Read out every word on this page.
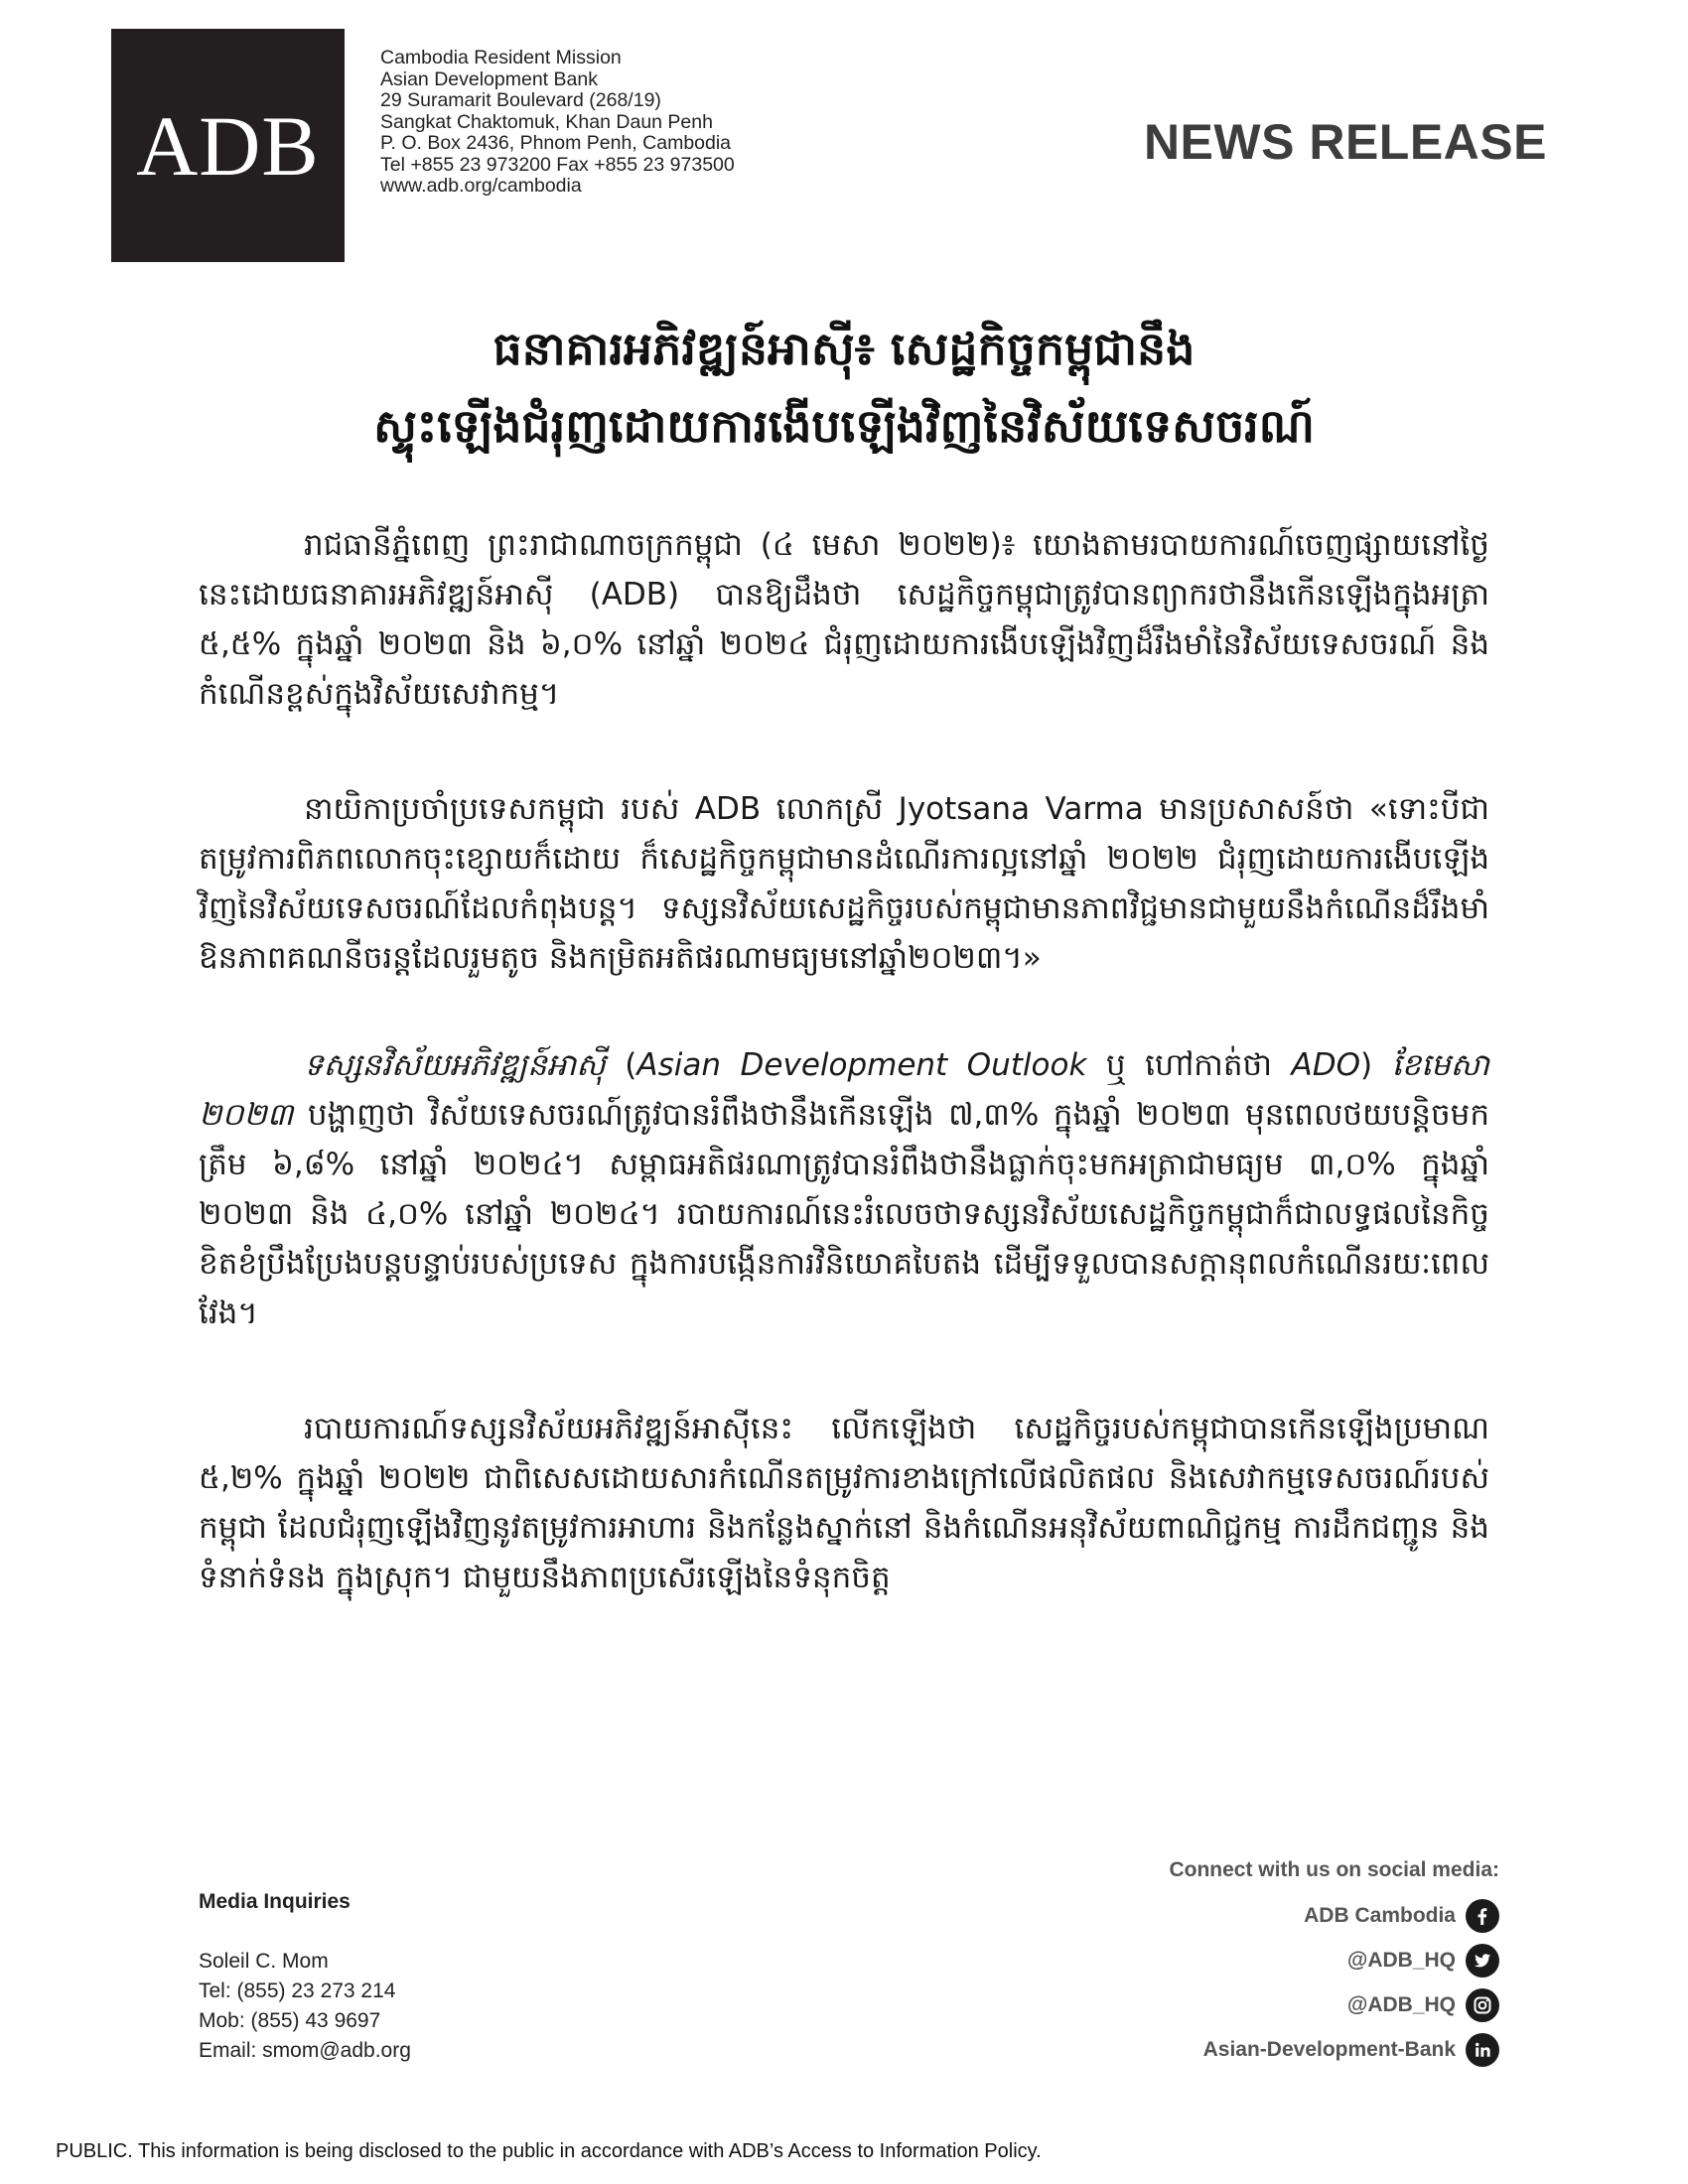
ADB
Cambodia Resident Mission
Asian Development Bank
29 Suramarit Boulevard (268/19)
Sangkat Chaktomuk, Khan Daun Penh
P. O. Box 2436, Phnom Penh, Cambodia
Tel +855 23 973200 Fax +855 23 973500
www.adb.org/cambodia
NEWS RELEASE
ធនាគារអភិវឌ្ឍន៍អាស៊ី៖ សេដ្ឋកិច្ចកម្ពុជានឹង
ស្ទុះឡើងជំរុញដោយការងើបឡើងវិញនៃវិស័យទេសចរណ៍

រាជធានីភ្នំពេញ ព្រះរាជាណាចក្រកម្ពុជា (៤ មេសា ២០២២)៖ យោងតាមរបាយការណ៍ចេញផ្សាយនៅថ្ងៃនេះដោយធនាគារអភិវឌ្ឍន៍អាស៊ី (ADB) បានឱ្យដឹងថា សេដ្ឋកិច្ចកម្ពុជាត្រូវបានព្យាករថានឹងកើនឡើងក្នុងអត្រា ៥,៥% ក្នុងឆ្នាំ ២០២៣ និង ៦,០% នៅឆ្នាំ ២០២៤ ជំរុញដោយការងើបឡើងវិញដ៏រឹងមាំនៃវិស័យទេសចរណ៍ និងកំណើនខ្ពស់ក្នុងវិស័យសេវាកម្ម។

នាយិកាប្រចាំប្រទេសកម្ពុជា របស់ ADB លោកស្រី Jyotsana Varma មានប្រសាសន៍ថា «ទោះបីជាតម្រូវការពិភពលោកចុះខ្សោយក៏ដោយ ក៏សេដ្ឋកិច្ចកម្ពុជាមានដំណើរការល្អនៅឆ្នាំ ២០២២ ជំរុញដោយការងើបឡើងវិញនៃវិស័យទេសចរណ៍ដែលកំពុងបន្ត។ ទស្សនវិស័យសេដ្ឋកិច្ចរបស់កម្ពុជាមានភាពវិជ្ជមានជាមួយនឹងកំណើនដ៏រឹងមាំ ឱនភាពគណនីចរន្តដែលរួមតូច និងកម្រិតអតិផរណាមធ្យមនៅឆ្នាំ២០២៣។»

ទស្សនវិស័យអភិវឌ្ឍន៍អាស៊ី (Asian Development Outlook ឬ ហៅកាត់ថា ADO) ខែមេសា ២០២៣ បង្ហាញថា វិស័យទេសចរណ៍ត្រូវបានរំពឹងថានឹងកើនឡើង ៧,៣% ក្នុងឆ្នាំ ២០២៣ មុនពេលថយបន្តិចមកត្រឹម ៦,៨% នៅឆ្នាំ ២០២៤។ សម្ពាធអតិផរណាត្រូវបានរំពឹងថានឹងធ្លាក់ចុះមកអត្រាជាមធ្យម ៣,០% ក្នុងឆ្នាំ ២០២៣ និង ៤,០% នៅឆ្នាំ ២០២៤។ របាយការណ៍នេះរំលេចថាទស្សនវិស័យសេដ្ឋកិច្ចកម្ពុជាក៏ជាលទ្ធផលនៃកិច្ចខិតខំប្រឹងប្រែងបន្តបន្ទាប់របស់ប្រទេស ក្នុងការបង្កើនការវិនិយោគបៃតង ដើម្បីទទួលបានសក្តានុពលកំណើនរយៈពេលវែង។

របាយការណ៍ទស្សនវិស័យអភិវឌ្ឍន៍អាស៊ីនេះ លើកឡើងថា សេដ្ឋកិច្ចរបស់កម្ពុជាបានកើនឡើងប្រមាណ ៥,២% ក្នុងឆ្នាំ ២០២២ ជាពិសេសដោយសារកំណើនតម្រូវការខាងក្រៅលើផលិតផល និងសេវាកម្មទេសចរណ៍របស់កម្ពុជា ដែលជំរុញឡើងវិញនូវតម្រូវការអាហារ និងកន្លែងស្នាក់នៅ និងកំណើនអនុវិស័យពាណិជ្ជកម្ម ការដឹកជញ្ជូន និងទំនាក់ទំនង ក្នុងស្រុក។ ជាមួយនឹងភាពប្រសើរឡើងនៃទំនុកចិត្ត

Media Inquiries
Soleil C. Mom
Tel: (855) 23 273 214
Mob: (855) 43 9697
Email: smom@adb.org
Connect with us on social media:
ADB Cambodia
@ADB_HQ
@ADB_HQ
Asian-Development-Bank
PUBLIC. This information is being disclosed to the public in accordance with ADB’s Access to Information Policy.
